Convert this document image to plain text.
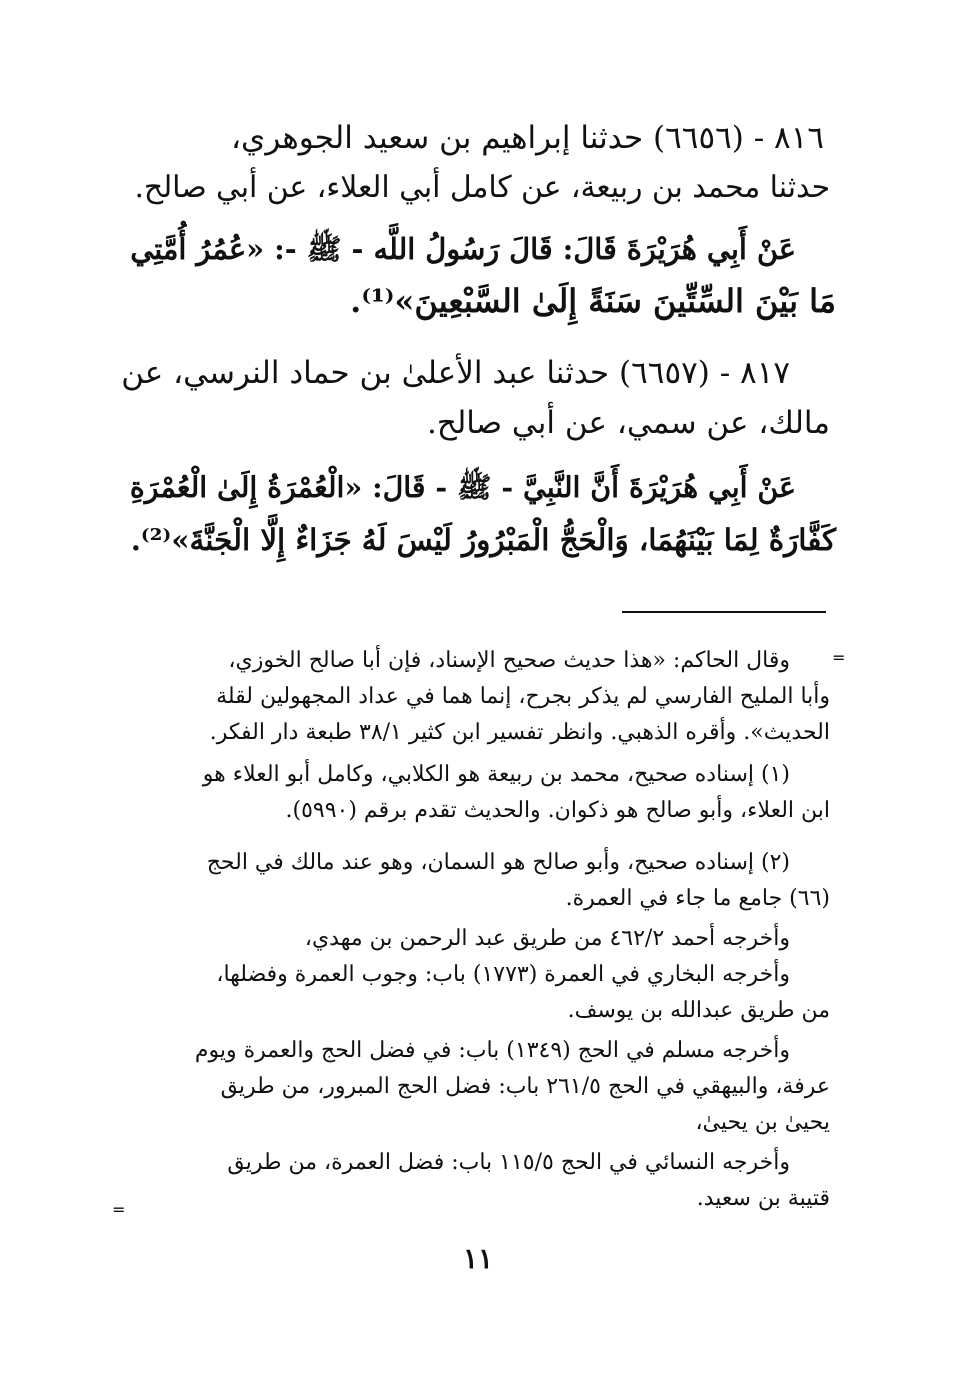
٨١٦ - (٦٦٥٦) حدثنا إبراهيم بن سعيد الجوهري،
حدثنا محمد بن ربيعة، عن كامل أبي العلاء، عن أبي صالح.
عَنْ أَبِي هُرَيْرَةَ قَالَ: قَالَ رَسُولُ اللَّه - ﷺ -: «عُمُرُ أُمَّتِي
مَا بَيْنَ السِّتِّينَ سَنَةً إِلَىٰ السَّبْعِينَ»⁽¹⁾.
٨١٧ - (٦٦٥٧) حدثنا عبد الأعلىٰ بن حماد النرسي، عن
مالك، عن سمي، عن أبي صالح.
عَنْ أَبِي هُرَيْرَةَ أَنَّ النَّبِيَّ - ﷺ - قَالَ: «الْعُمْرَةُ إِلَىٰ الْعُمْرَةِ
كَفَّارَةٌ لِمَا بَيْنَهُمَا، وَالْحَجُّ الْمَبْرُورُ لَيْسَ لَهُ جَزَاءٌ إِلَّا الْجَنَّةَ»⁽²⁾.
=
=
وقال الحاكم: «هذا حديث صحيح الإسناد، فإن أبا صالح الخوزي،
وأبا المليح الفارسي لم يذكر بجرح، إنما هما في عداد المجهولين لقلة
الحديث». وأقره الذهبي. وانظر تفسير ابن كثير ٣٨/١ طبعة دار الفكر.
(١) إسناده صحيح، محمد بن ربيعة هو الكلابي، وكامل أبو العلاء هو
ابن العلاء، وأبو صالح هو ذكوان. والحديث تقدم برقم (٥٩٩٠).
(٢) إسناده صحيح، وأبو صالح هو السمان، وهو عند مالك في الحج
(٦٦) جامع ما جاء في العمرة.
وأخرجه أحمد ٤٦٢/٢ من طريق عبد الرحمن بن مهدي،
وأخرجه البخاري في العمرة (١٧٧٣) باب: وجوب العمرة وفضلها،
من طريق عبدالله بن يوسف.
وأخرجه مسلم في الحج (١٣٤٩) باب: في فضل الحج والعمرة ويوم
عرفة، والبيهقي في الحج ٢٦١/٥ باب: فضل الحج المبرور، من طريق
يحيىٰ بن يحيىٰ،
وأخرجه النسائي في الحج ١١٥/٥ باب: فضل العمرة، من طريق
قتيبة بن سعيد.
١١
